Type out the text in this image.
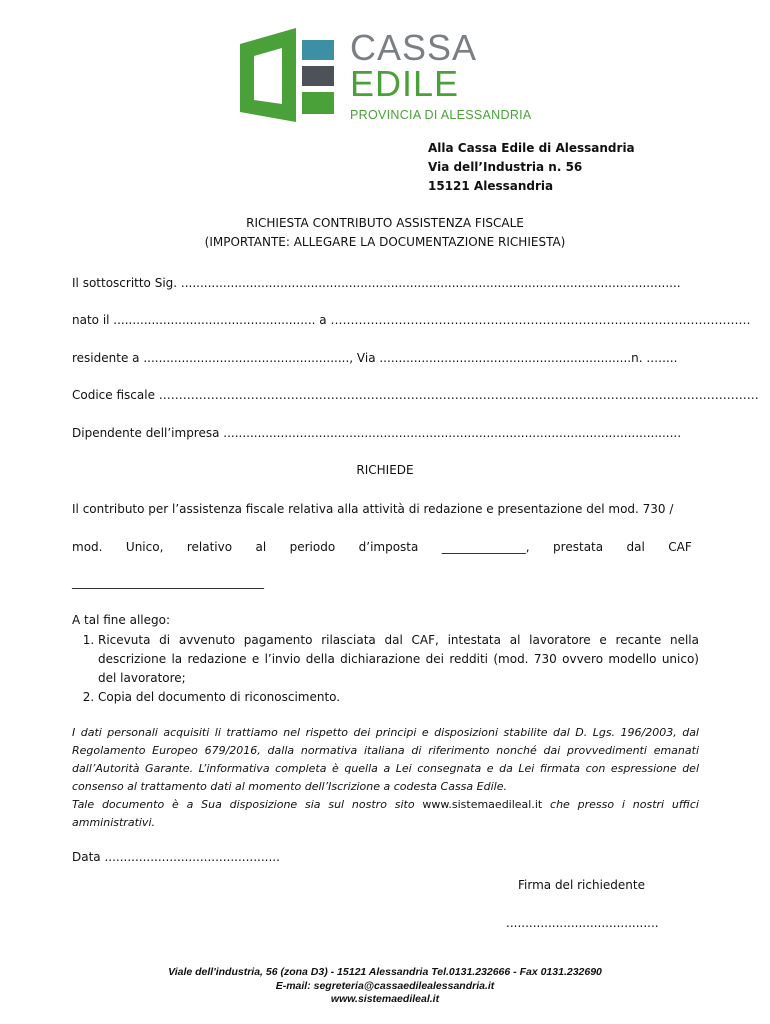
CASSA
EDILE
PROVINCIA DI ALESSANDRIA
Alla Cassa Edile di Alessandria
Via dell’Industria n. 56
15121 Alessandria
RICHIESTA CONTRIBUTO ASSISTENZA FISCALE
(IMPORTANTE: ALLEGARE LA DOCUMENTAZIONE RICHIESTA)
Il sottoscritto Sig. ...................................................................................................................................
nato il ..................................................... a ……………………………………………………………………………………………
residente a ......................................................, Via ..................................................................n. .…....
Codice fiscale ……………………………………………………………………………………………………………………………………
Dipendente dell’impresa ........................................................................................................................
RICHIEDE
Il contributo per l’assistenza fiscale relativa alla attività di redazione e presentazione del mod. 730 /
mod.   Unico,   relativo   al   periodo   d’imposta   ______________,   prestata   dal   CAF
________________________________
A tal fine allego:
1. Ricevuta di avvenuto pagamento rilasciata dal CAF, intestata al lavoratore e recante nella descrizione la redazione e l’invio della dichiarazione dei redditi (mod. 730 ovvero modello unico) del lavoratore;
2. Copia del documento di riconoscimento.
I dati personali acquisiti li trattiamo nel rispetto dei principi e disposizioni stabilite dal D. Lgs. 196/2003, dal Regolamento Europeo 679/2016, dalla normativa italiana di riferimento nonché dai provvedimenti emanati dall’Autorità Garante. L’informativa completa è quella a Lei consegnata e da Lei firmata con espressione del consenso al trattamento dati al momento dell’Iscrizione a codesta Cassa Edile.
Tale documento è a Sua disposizione sia sul nostro sito www.sistemaedileal.it che presso i nostri uffici amministrativi.
Data ..............................................
Firma del richiedente
........................................
Viale dell'industria, 56 (zona D3) - 15121 Alessandria Tel.0131.232666 - Fax 0131.232690
E-mail: segreteria@cassaedilealessandria.it
www.sistemaedileal.it
